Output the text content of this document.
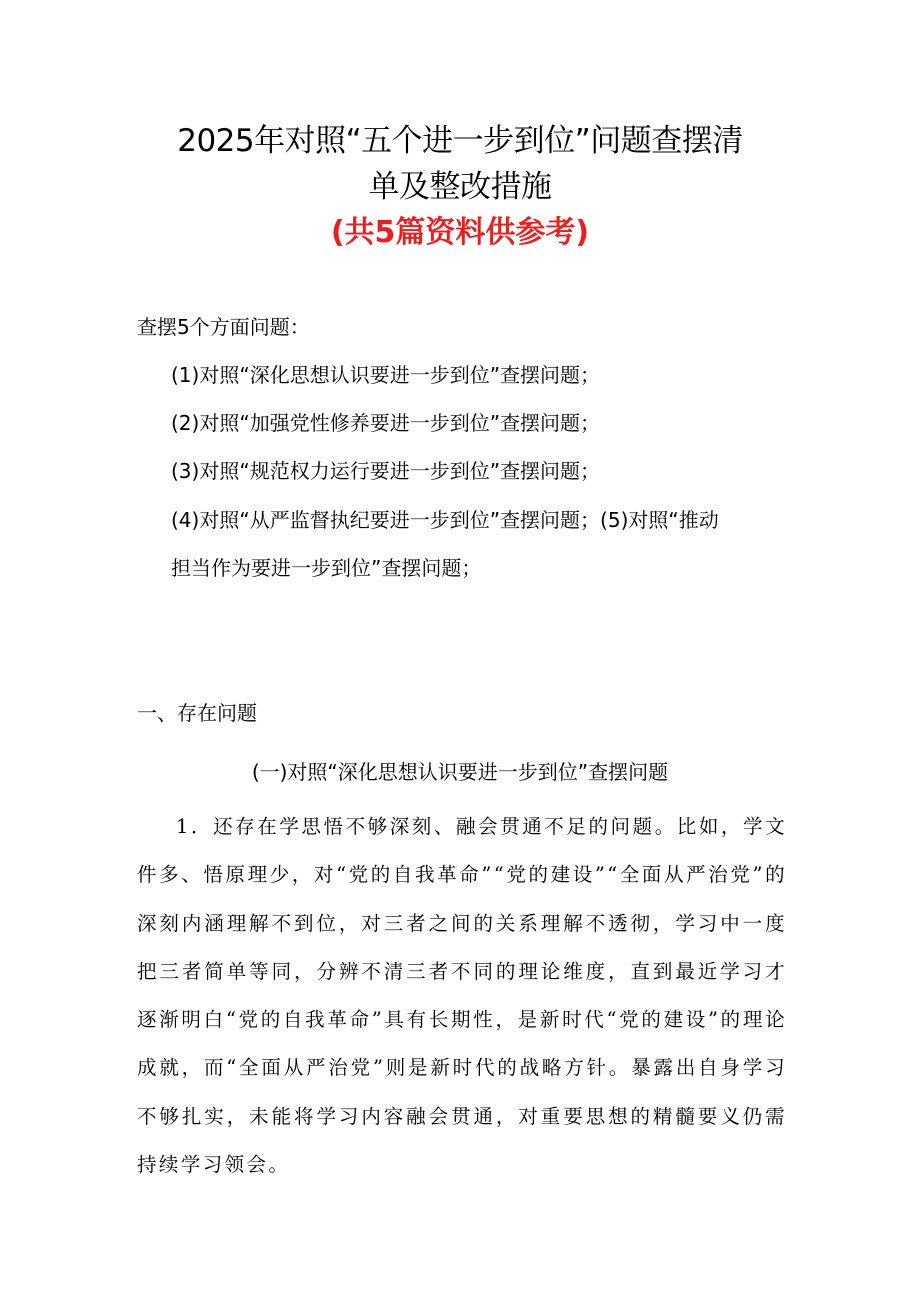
2025年对照“五个进一步到位”问题查摆清
单及整改措施
(共5篇资料供参考)

查摆5个方面问题：

(1)对照“深化思想认识要进一步到位”查摆问题；

(2)对照“加强党性修养要进一步到位”查摆问题；

(3)对照“规范权力运行要进一步到位”查摆问题；

(4)对照“从严监督执纪要进一步到位”查摆问题；(5)对照“推动

担当作为要进一步到位”查摆问题；

一、存在问题

(一)对照“深化思想认识要进一步到位”查摆问题

1．还存在学思悟不够深刻、融会贯通不足的问题。比如，学文件多、悟原理少，对“党的自我革命”“党的建设”“全面从严治党”的深刻内涵理解不到位，对三者之间的关系理解不透彻，学习中一度把三者简单等同，分辨不清三者不同的理论维度，直到最近学习才逐渐明白“党的自我革命”具有长期性，是新时代“党的建设”的理论成就，而“全面从严治党”则是新时代的战略方针。暴露出自身学习不够扎实，未能将学习内容融会贯通，对重要思想的精髓要义仍需持续学习领会。
